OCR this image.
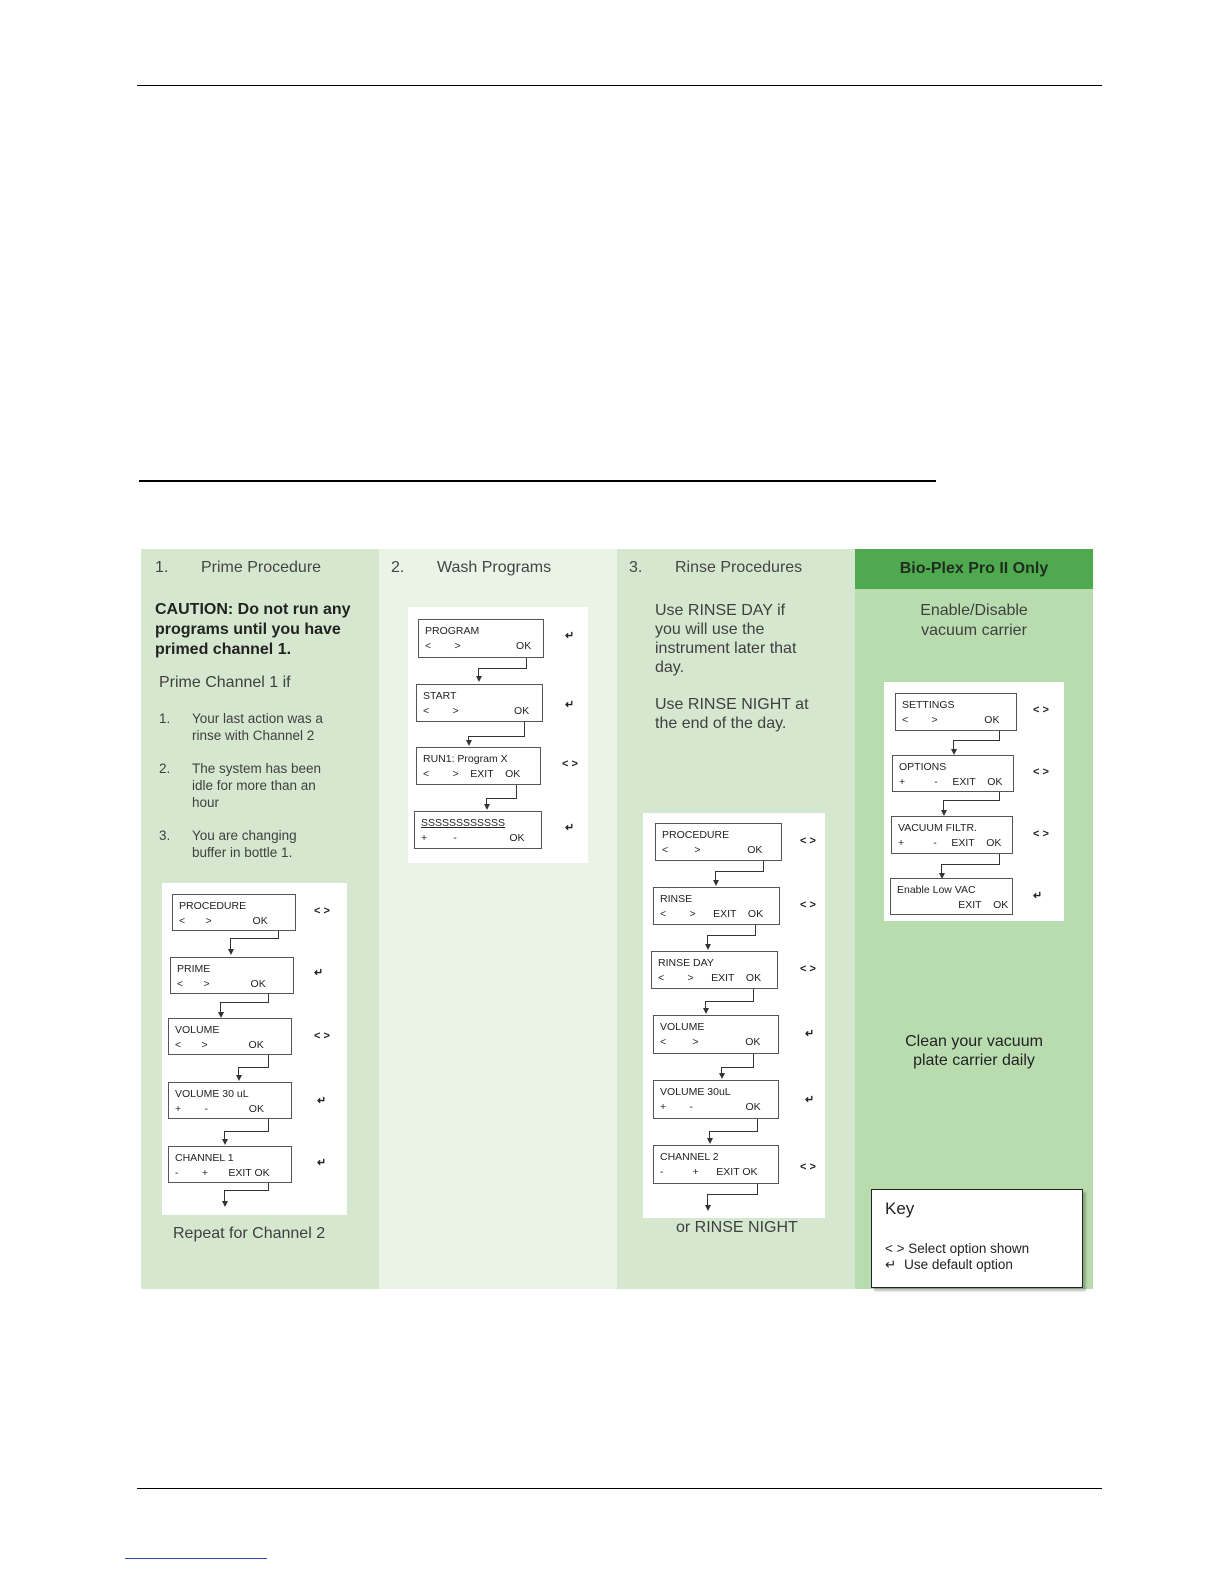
1. Prime Procedure
CAUTION: Do not run any programs until you have primed channel 1.
Prime Channel 1 if
1. Your last action was a rinse with Channel 2
2. The system has been idle for more than an hour
3. You are changing buffer in bottle 1.
PROCEDURE
<       >              OK
< >
PRIME
<       >              OK
↵
VOLUME
<       >              OK
< >
VOLUME 30 uL
+        -              OK
↵
CHANNEL 1
-        +       EXIT OK
↵
Repeat for Channel 2
2. Wash Programs
PROGRAM
<        >                   OK
↵
START
<        >                   OK	↵
RUN1: Program X
<        >    EXIT    OK
< >
SSSSSSSSSSSS
+         -                  OK
↵
3. Rinse Procedures
Use RINSE DAY if you will use the instrument later that day.
Use RINSE NIGHT at the end of the day.
PROCEDURE
<         >                OK
< >
RINSE
<        >      EXIT    OK
< >
RINSE DAY
<        >      EXIT    OK
< >
VOLUME
<         >                OK
↵
VOLUME 30uL
+        -                  OK
↵
CHANNEL 2
-          +      EXIT OK	< >
or RINSE NIGHT
Bio-Plex Pro II Only
Enable/Disable vacuum carrier
SETTINGS
<        >                OK
< >
OPTIONS
+          -     EXIT    OK
< >
VACUUM FILTR.
+          -     EXIT    OK
< >
Enable Low VAC
EXIT    OK
↵
Clean your vacuum plate carrier daily
Key
< > Select option shown
↵ Use default option
